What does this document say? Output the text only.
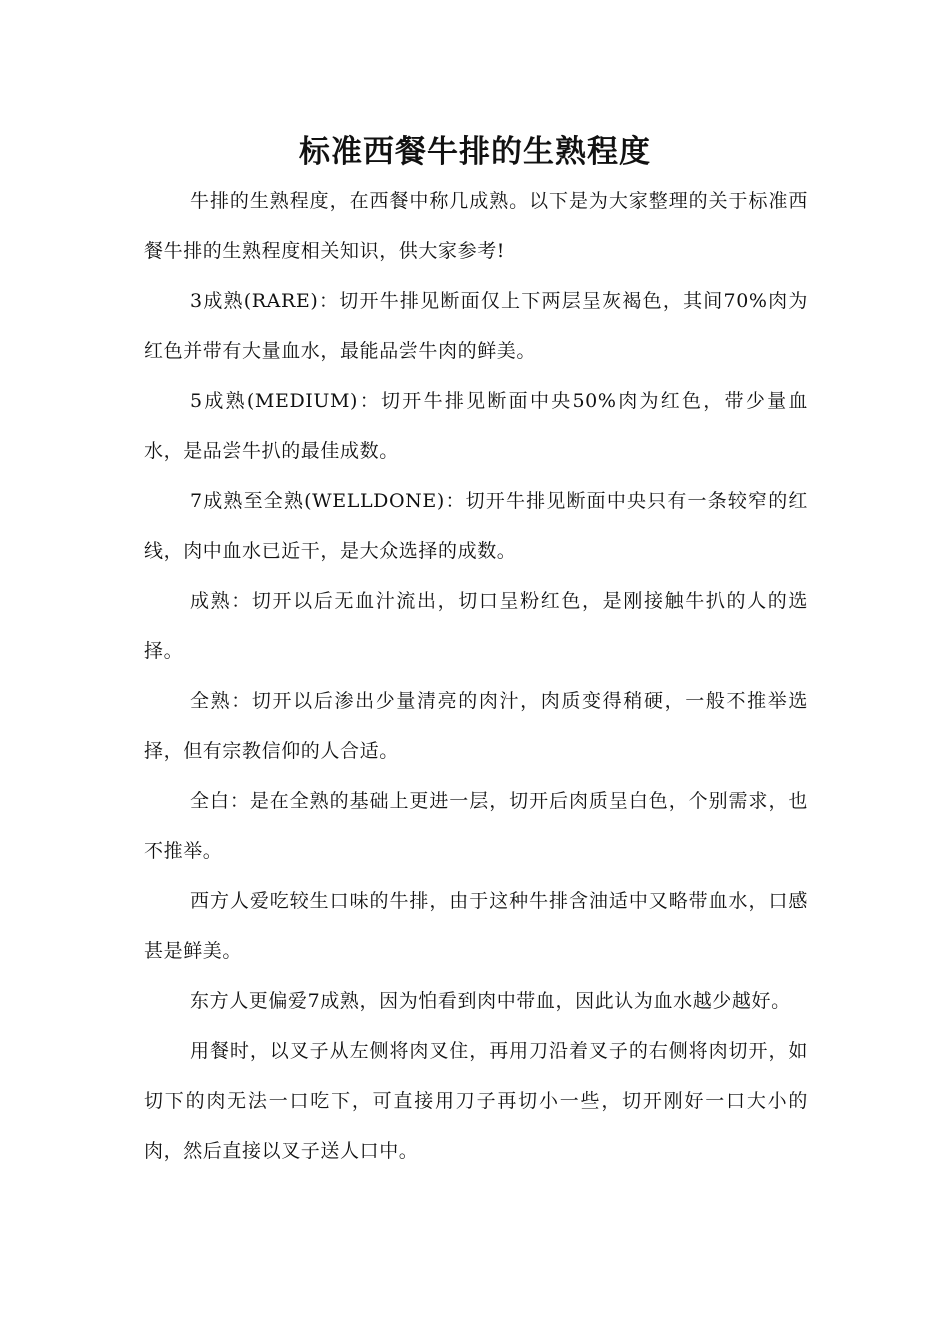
标准西餐牛排的生熟程度

牛排的生熟程度，在西餐中称几成熟。以下是为大家整理的关于标准西餐牛排的生熟程度相关知识，供大家参考!

3成熟(RARE)：切开牛排见断面仅上下两层呈灰褐色，其间70%肉为红色并带有大量血水，最能品尝牛肉的鲜美。

5成熟(MEDIUM)：切开牛排见断面中央50%肉为红色，带少量血水，是品尝牛扒的最佳成数。

7成熟至全熟(WELLDONE)：切开牛排见断面中央只有一条较窄的红线，肉中血水已近干，是大众选择的成数。

成熟：切开以后无血汁流出，切口呈粉红色，是刚接触牛扒的人的选择。

全熟：切开以后渗出少量清亮的肉汁，肉质变得稍硬，一般不推举选择，但有宗教信仰的人合适。

全白：是在全熟的基础上更进一层，切开后肉质呈白色，个别需求，也不推举。

西方人爱吃较生口味的牛排，由于这种牛排含油适中又略带血水，口感甚是鲜美。

东方人更偏爱7成熟，因为怕看到肉中带血，因此认为血水越少越好。

用餐时，以叉子从左侧将肉叉住，再用刀沿着叉子的右侧将肉切开，如切下的肉无法一口吃下，可直接用刀子再切小一些，切开刚好一口大小的肉，然后直接以叉子送人口中。
